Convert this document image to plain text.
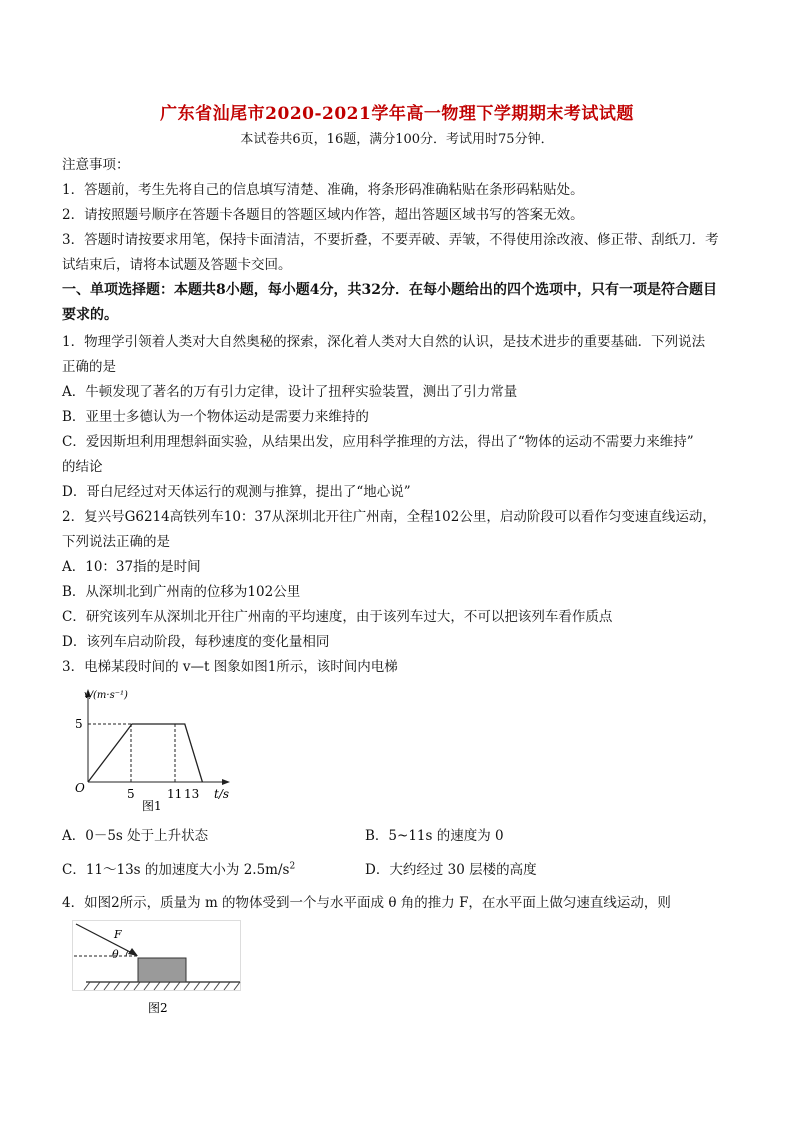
广东省汕尾市2020-2021学年高一物理下学期期末考试试题
本试卷共6页，16题，满分100分．考试用时75分钟．
注意事项：
1．答题前，考生先将自己的信息填写清楚、准确，将条形码准确粘贴在条形码粘贴处。
2．请按照题号顺序在答题卡各题目的答题区域内作答，超出答题区域书写的答案无效。
3．答题时请按要求用笔，保持卡面清洁，不要折叠，不要弄破、弄皱，不得使用涂改液、修正带、刮纸刀．考
试结束后，请将本试题及答题卡交回。
一、单项选择题：本题共8小题，每小题4分，共32分．在每小题给出的四个选项中，只有一项是符合题目
要求的。
1．物理学引领着人类对大自然奥秘的探索，深化着人类对大自然的认识，是技术进步的重要基础．下列说法
正确的是
A．牛顿发现了著名的万有引力定律，设计了扭秤实验装置，测出了引力常量
B．亚里士多德认为一个物体运动是需要力来维持的
C．爱因斯坦利用理想斜面实验，从结果出发，应用科学推理的方法，得出了“物体的运动不需要力来维持”
的结论
D．哥白尼经过对天体运行的观测与推算，提出了“地心说”
2．复兴号G6214高铁列车10：37从深圳北开往广州南，全程102公里，启动阶段可以看作匀变速直线运动，
下列说法正确的是
A．10：37指的是时间
B．从深圳北到广州南的位移为102公里
C．研究该列车从深圳北开往广州南的平均速度，由于该列车过大，不可以把该列车看作质点
D．该列车启动阶段，每秒速度的变化量相同
3．电梯某段时间的 v—t 图象如图1所示，该时间内电梯
v/(m·s⁻¹)
5
O	5	11 13 t/s
图1
A．0－5s 处于上升状态	B．5~11s 的速度为 0
C．11～13s 的加速度大小为 $2.5m/s^2$	D．大约经过 30 层楼的高度
4．如图2所示，质量为 m 的物体受到一个与水平面成 θ 角的推力 F，在水平面上做匀速直线运动，则
F
θ
图2
